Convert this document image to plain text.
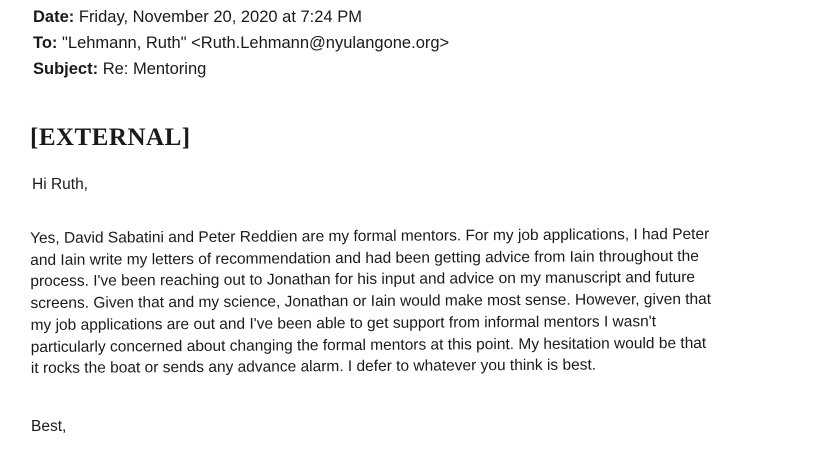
Date: Friday, November 20, 2020 at 7:24 PM
To: "Lehmann, Ruth" <Ruth.Lehmann@nyulangone.org>
Subject: Re: Mentoring
[EXTERNAL]
Hi Ruth,
Yes, David Sabatini and Peter Reddien are my formal mentors. For my job applications, I had Peter
and Iain write my letters of recommendation and had been getting advice from Iain throughout the
process. I've been reaching out to Jonathan for his input and advice on my manuscript and future
screens. Given that and my science, Jonathan or Iain would make most sense. However, given that
my job applications are out and I've been able to get support from informal mentors I wasn't
particularly concerned about changing the formal mentors at this point. My hesitation would be that
it rocks the boat or sends any advance alarm. I defer to whatever you think is best.
Best,
